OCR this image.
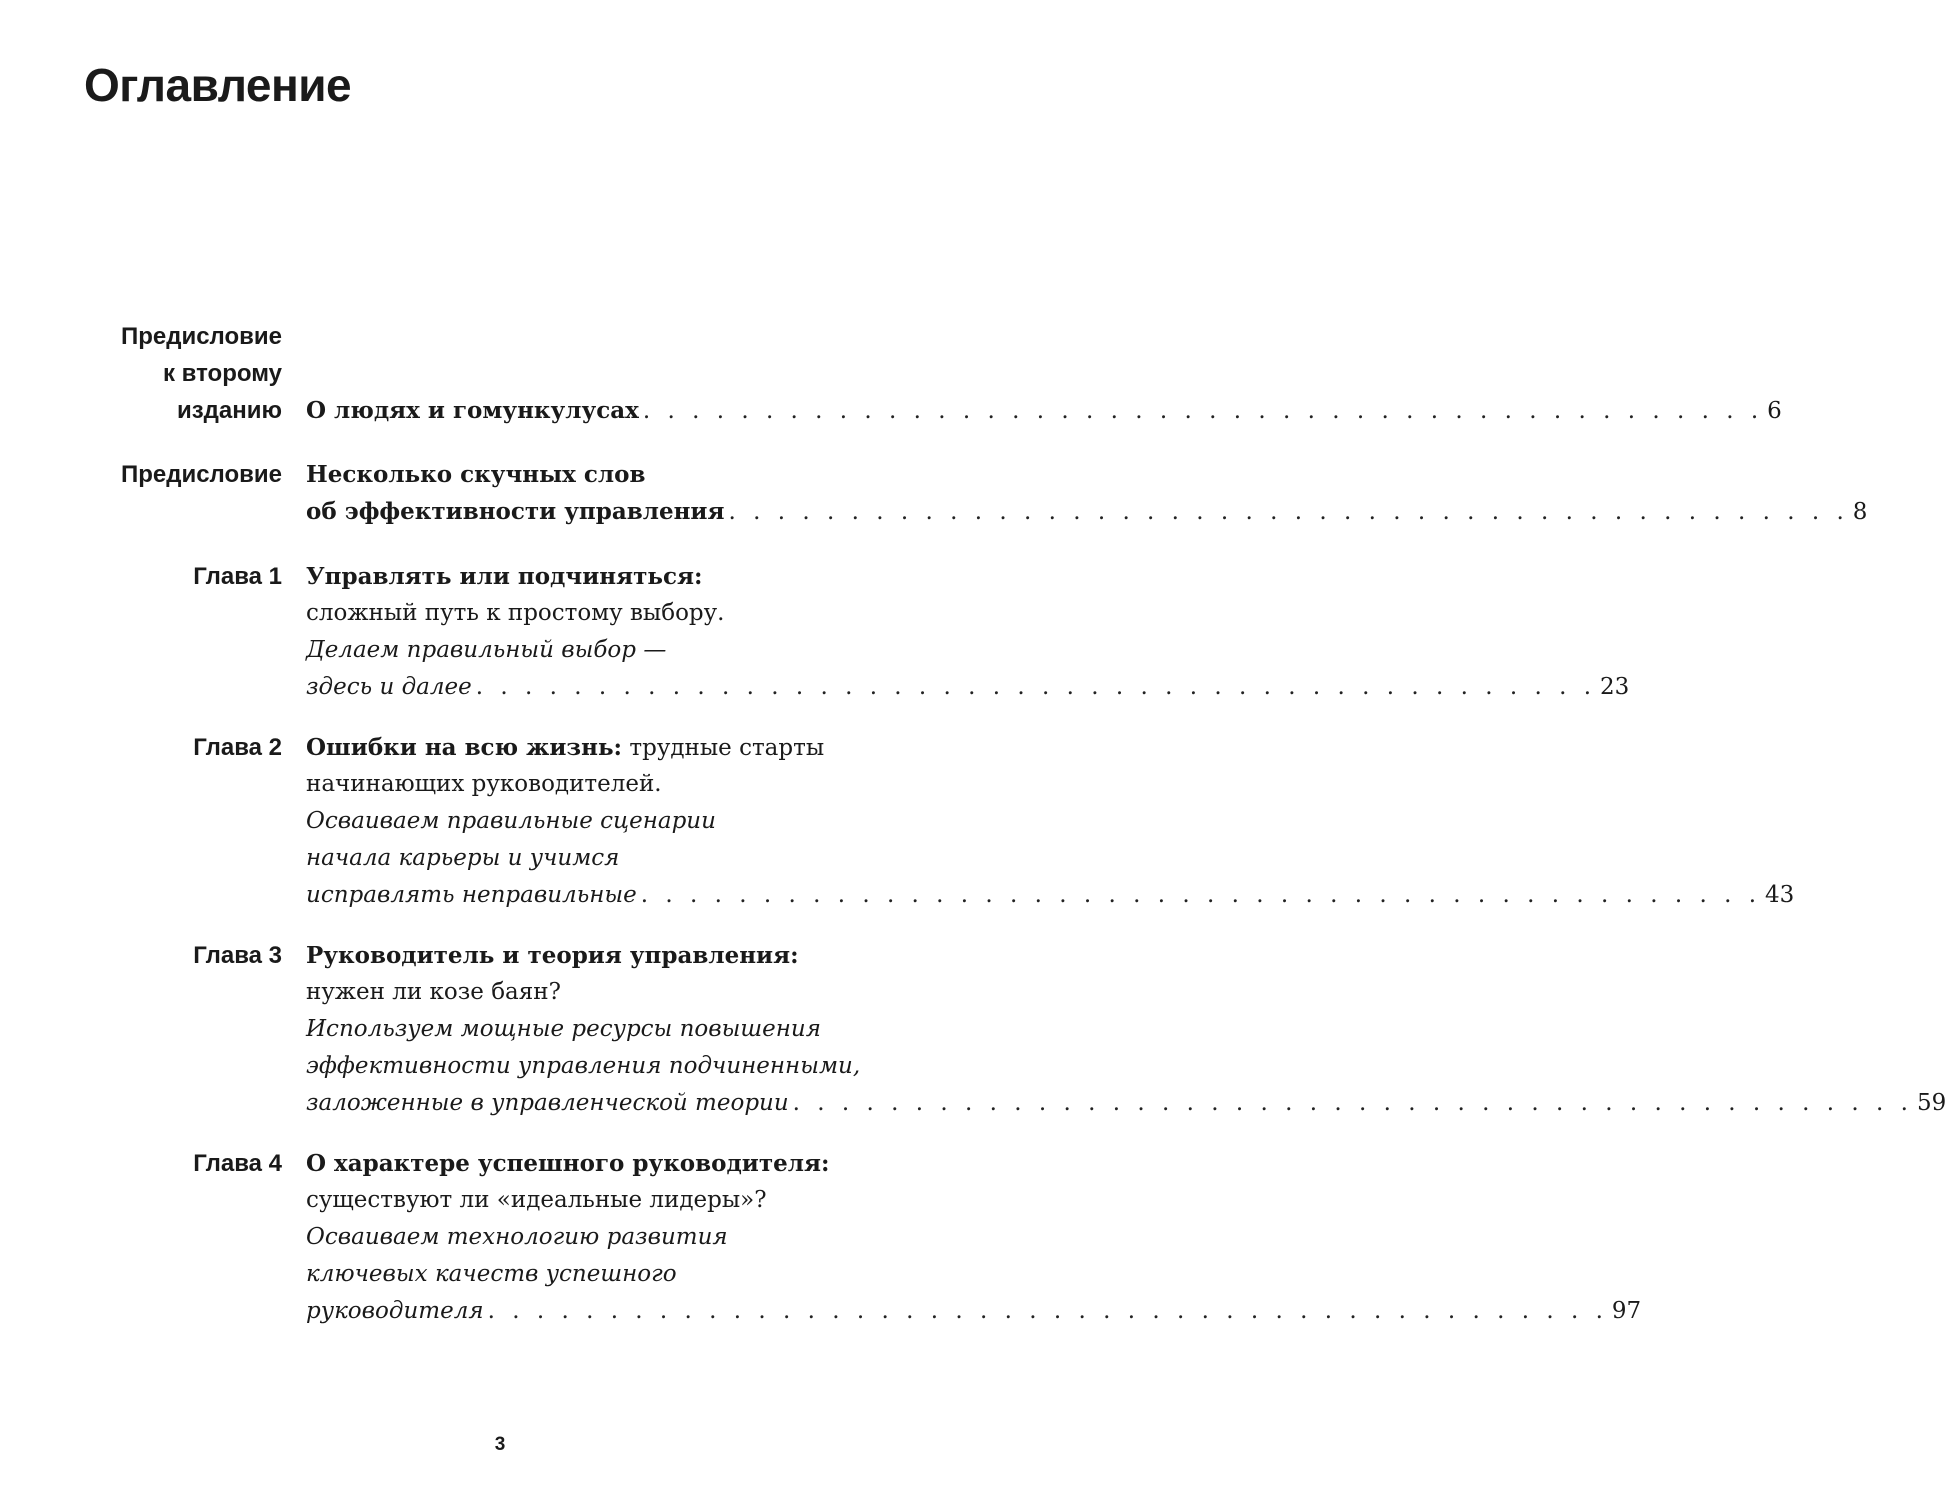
Оглавление
Предисловие
к второму
изданию О людях и гомункулусах . . . . . . . . . . . . . . . . . . . . . . . . . . . . . . . . . . . . . . . . . . . . . . 6
Предисловие Несколько скучных слов
об эффективности управления . . . . . . . . . . . . . . . . . . . . . . . . . . . . . . . . . . . . . . . . . . . . . . 8
Глава 1 Управлять или подчиняться:
сложный путь к простому выбору.
Делаем правильный выбор —
здесь и далее . . . . . . . . . . . . . . . . . . . . . . . . . . . . . . . . . . . . . . . . . . . . . . 23
Глава 2 Ошибки на всю жизнь:
трудные старты
начинающих руководителей.
Осваиваем правильные сценарии
начала карьеры и учимся
исправлять неправильные . . . . . . . . . . . . . . . . . . . . . . . . . . . . . . . . . . . . . . . . . . . . . . 43
Глава 3 Руководитель и теория управления:
нужен ли козе баян?
Используем мощные ресурсы повышения
эффективности управления подчиненными,
заложенные в управленческой теории . . . . . . . . . . . . . . . . . . . . . . . . . . . . . . . . . . . . . . . . . . . . . . 59
Глава 4 О характере успешного руководителя:
существуют ли «идеальные лидеры»?
Осваиваем технологию развития
ключевых качеств успешного
руководителя . . . . . . . . . . . . . . . . . . . . . . . . . . . . . . . . . . . . . . . . . . . . . . 97
3
